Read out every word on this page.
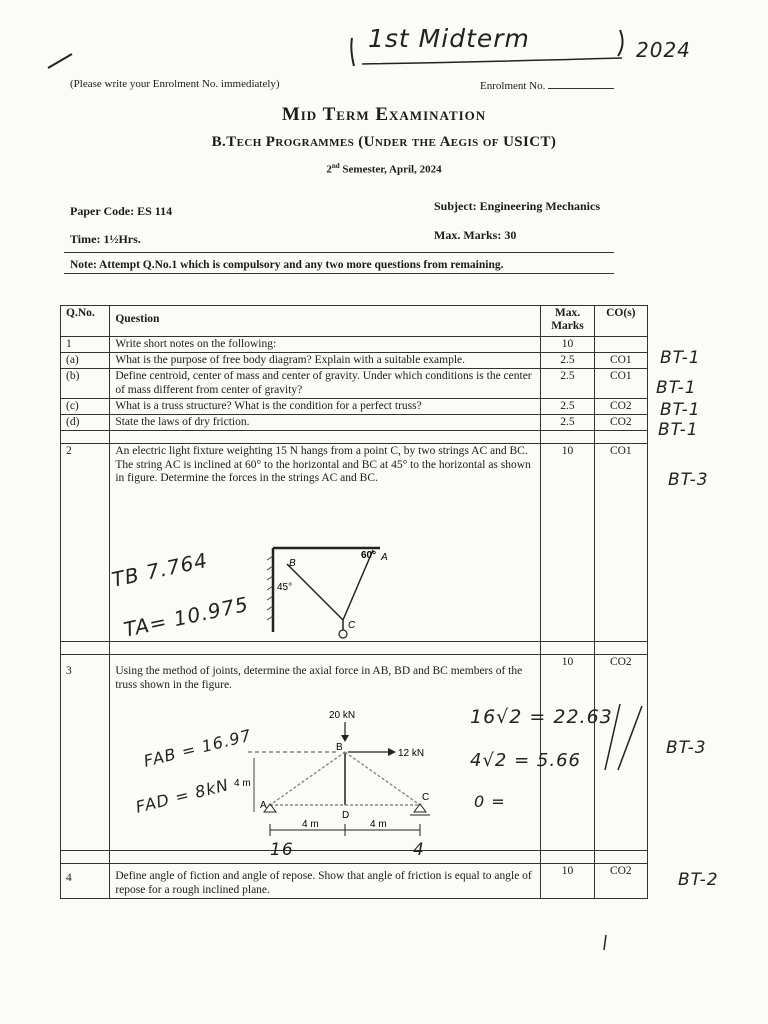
1st Midterm	2024
(Please write your Enrolment No. immediately)	Enrolment No.
Mid Term Examination
B.Tech Programmes (Under the Aegis of USICT)
2nd Semester, April, 2024
Paper Code: ES 114	Subject: Engineering Mechanics
Time: 1½Hrs.	Max. Marks: 30
Note: Attempt Q.No.1 which is compulsory and any two more questions from remaining.
Q.No.	Question	Max. Marks	CO(s)
1	Write short notes on the following:	10	
(a)	What is the purpose of free body diagram? Explain with a suitable example.	2.5	CO1
(b)	Define centroid, center of mass and center of gravity. Under which conditions is the center of mass different from center of gravity?	2.5	CO1
(c)	What is a truss structure? What is the condition for a perfect truss?	2.5	CO2
(d)	State the laws of dry friction.	2.5	CO2

2	An electric light fixture weighting 15 N hangs from a point C, by two strings AC and BC. The string AC is inclined at 60° to the horizontal and BC at 45° to the horizontal as shown in figure. Determine the forces in the strings AC and BC.	10	CO1

3	Using the method of joints, determine the axial force in AB, BD and BC members of the truss shown in the figure.	10	CO2

4	Define angle of fiction and angle of repose. Show that angle of friction is equal to angle of repose for a rough inclined plane.	10	CO2
BT-1
BT-1
BT-1
BT-1
BT-3
BT-3
BT-2
B
45°
60° A
C
TB 7.764
TA= 10.975
20 kN
12 kN
4 m
A
B
C
D
4 m	4 m
FAB = 16.97
FAD = 8kN
16√2 = 22.63
4√2 = 5.66
0 =
16	4
